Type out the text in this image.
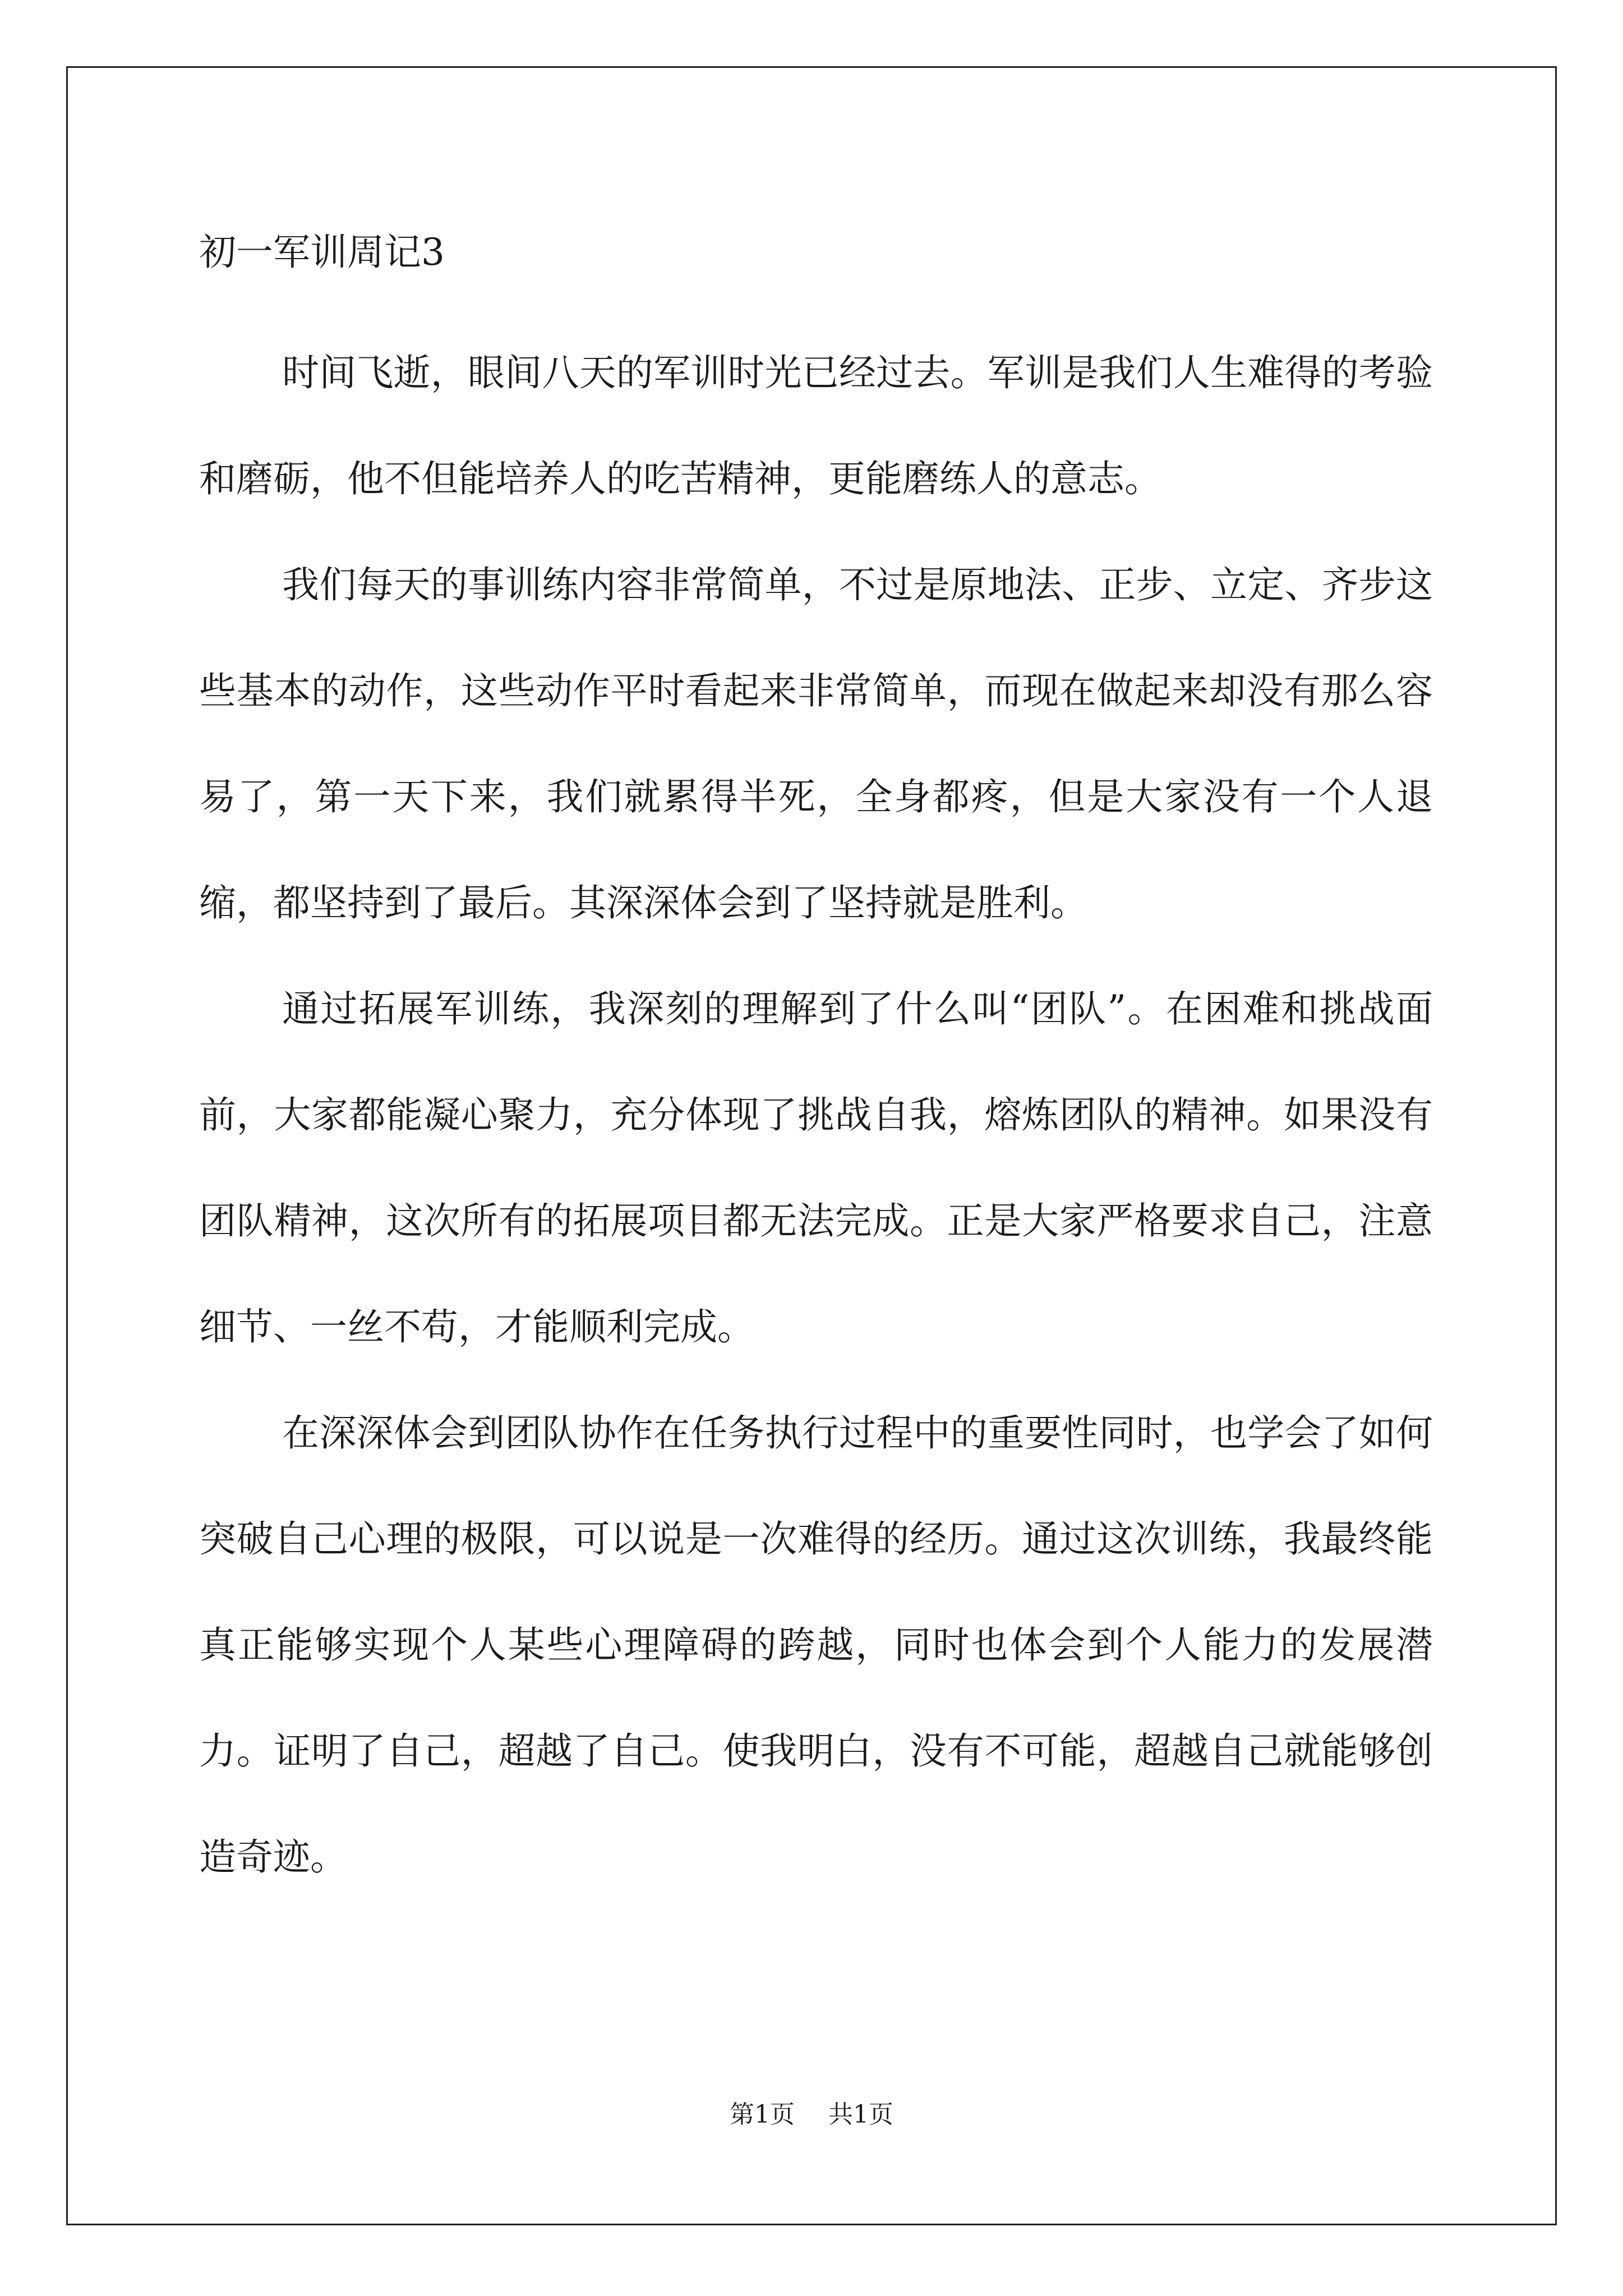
初一军训周记3

时间飞逝，眼间八天的军训时光已经过去。军训是我们人生难得的考验和磨砺，他不但能培养人的吃苦精神，更能磨练人的意志。

我们每天的事训练内容非常简单，不过是原地法、正步、立定、齐步这些基本的动作，这些动作平时看起来非常简单，而现在做起来却没有那么容易了，第一天下来，我们就累得半死，全身都疼，但是大家没有一个人退缩，都坚持到了最后。其深深体会到了坚持就是胜利。

通过拓展军训练，我深刻的理解到了什么叫“团队”。在困难和挑战面前，大家都能凝心聚力，充分体现了挑战自我，熔炼团队的精神。如果没有团队精神，这次所有的拓展项目都无法完成。正是大家严格要求自己，注意细节、一丝不苟，才能顺利完成。

在深深体会到团队协作在任务执行过程中的重要性同时，也学会了如何突破自己心理的极限，可以说是一次难得的经历。通过这次训练，我最终能真正能够实现个人某些心理障碍的跨越，同时也体会到个人能力的发展潜力。证明了自己，超越了自己。使我明白，没有不可能，超越自己就能够创造奇迹。

第1页 共1页
